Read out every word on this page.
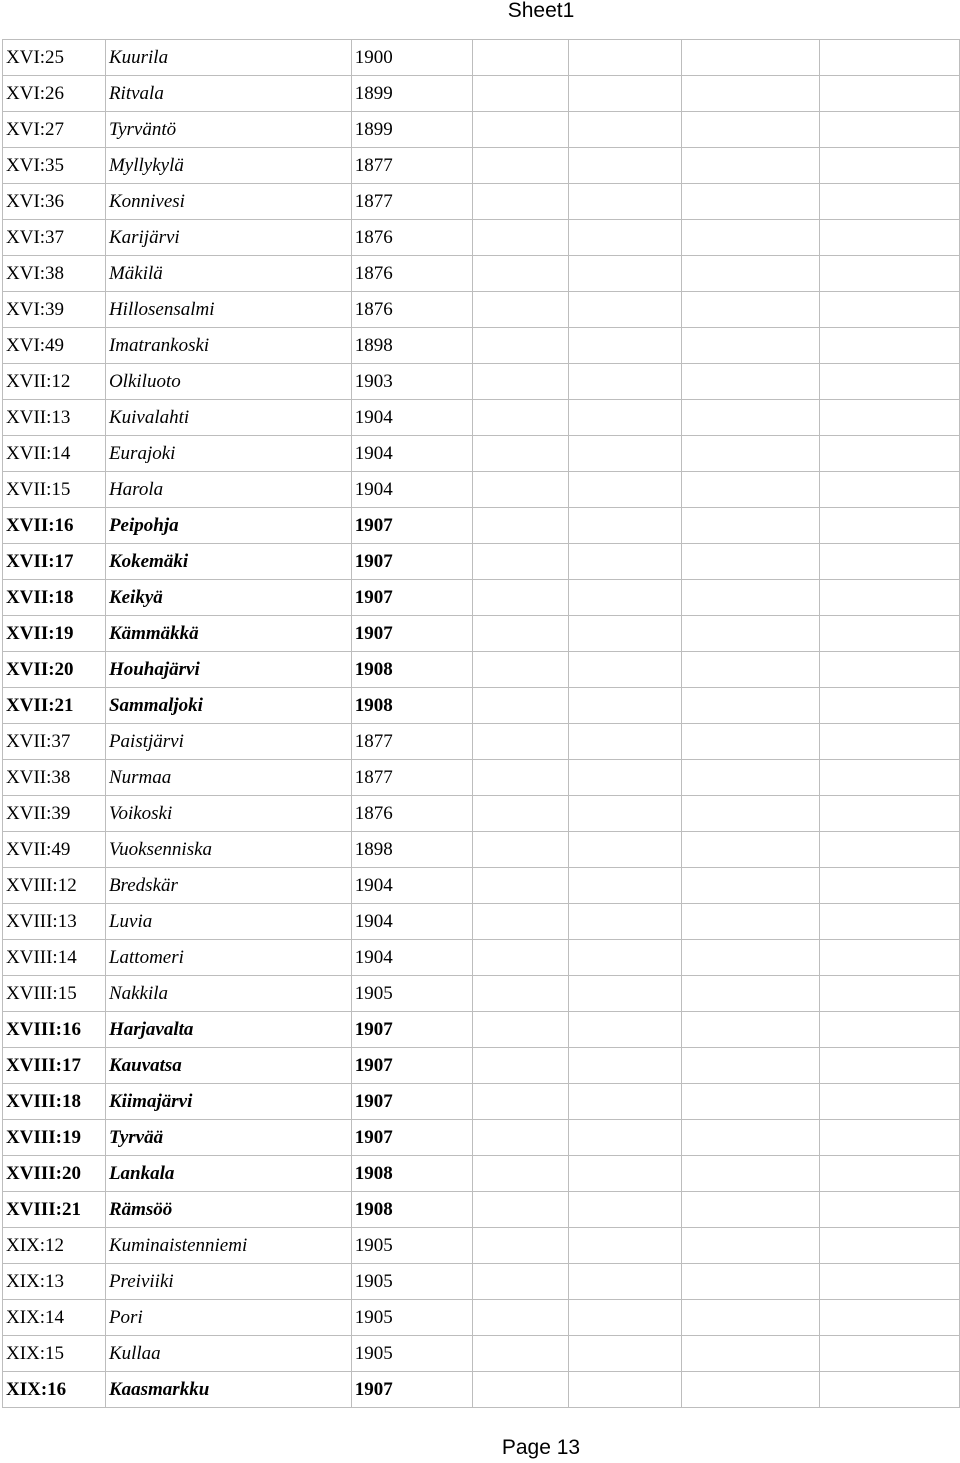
Sheet1
XVI:25	Kuurila	1900				
XVI:26	Ritvala	1899				
XVI:27	Tyrväntö	1899				
XVI:35	Myllykylä	1877				
XVI:36	Konnivesi	1877				
XVI:37	Karijärvi	1876				
XVI:38	Mäkilä	1876				
XVI:39	Hillosensalmi	1876				
XVI:49	Imatrankoski	1898				
XVII:12	Olkiluoto	1903				
XVII:13	Kuivalahti	1904				
XVII:14	Eurajoki	1904				
XVII:15	Harola	1904				
XVII:16	Peipohja	1907				
XVII:17	Kokemäki	1907				
XVII:18	Keikyä	1907				
XVII:19	Kämmäkkä	1907				
XVII:20	Houhajärvi	1908				
XVII:21	Sammaljoki	1908				
XVII:37	Paistjärvi	1877				
XVII:38	Nurmaa	1877				
XVII:39	Voikoski	1876				
XVII:49	Vuoksenniska	1898				
XVIII:12	Bredskär	1904				
XVIII:13	Luvia	1904				
XVIII:14	Lattomeri	1904				
XVIII:15	Nakkila	1905				
XVIII:16	Harjavalta	1907				
XVIII:17	Kauvatsa	1907				
XVIII:18	Kiimajärvi	1907				
XVIII:19	Tyrvää	1907				
XVIII:20	Lankala	1908				
XVIII:21	Rämsöö	1908				
XIX:12	Kuminaistenniemi	1905				
XIX:13	Preiviiki	1905				
XIX:14	Pori	1905				
XIX:15	Kullaa	1905				
XIX:16	Kaasmarkku	1907				
Page 13
